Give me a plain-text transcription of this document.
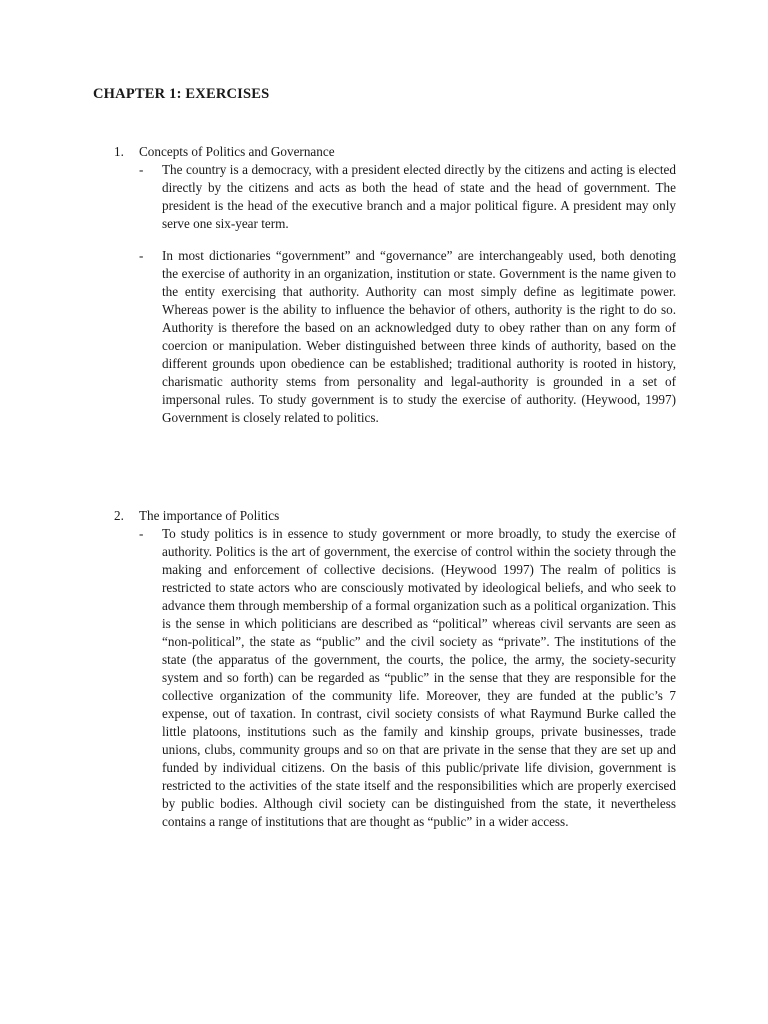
CHAPTER 1: EXERCISES
1.	Concepts of Politics and Governance
-	The country is a democracy, with a president elected directly by the citizens and acting is elected directly by the citizens and acts as both the head of state and the head of government. The president is the head of the executive branch and a major political figure. A president may only serve one six-year term.

-	In most dictionaries “government” and “governance” are interchangeably used, both denoting the exercise of authority in an organization, institution or state. Government is the name given to the entity exercising that authority. Authority can most simply define as legitimate power. Whereas power is the ability to influence the behavior of others, authority is the right to do so. Authority is therefore the based on an acknowledged duty to obey rather than on any form of coercion or manipulation. Weber distinguished between three kinds of authority, based on the different grounds upon obedience can be established; traditional authority is rooted in history, charismatic authority stems from personality and legal-authority is grounded in a set of impersonal rules. To study government is to study the exercise of authority. (Heywood, 1997) Government is closely related to politics.

2.	The importance of Politics
-	To study politics is in essence to study government or more broadly, to study the exercise of authority. Politics is the art of government, the exercise of control within the society through the making and enforcement of collective decisions. (Heywood 1997) The realm of politics is restricted to state actors who are consciously motivated by ideological beliefs, and who seek to advance them through membership of a formal organization such as a political organization. This is the sense in which politicians are described as “political” whereas civil servants are seen as “non-political”, the state as “public” and the civil society as “private”. The institutions of the state (the apparatus of the government, the courts, the police, the army, the society-security system and so forth) can be regarded as “public” in the sense that they are responsible for the collective organization of the community life. Moreover, they are funded at the public’s 7 expense, out of taxation. In contrast, civil society consists of what Raymund Burke called the little platoons, institutions such as the family and kinship groups, private businesses, trade unions, clubs, community groups and so on that are private in the sense that they are set up and funded by individual citizens. On the basis of this public/private life division, government is restricted to the activities of the state itself and the responsibilities which are properly exercised by public bodies. Although civil society can be distinguished from the state, it nevertheless contains a range of institutions that are thought as “public” in a wider access.
